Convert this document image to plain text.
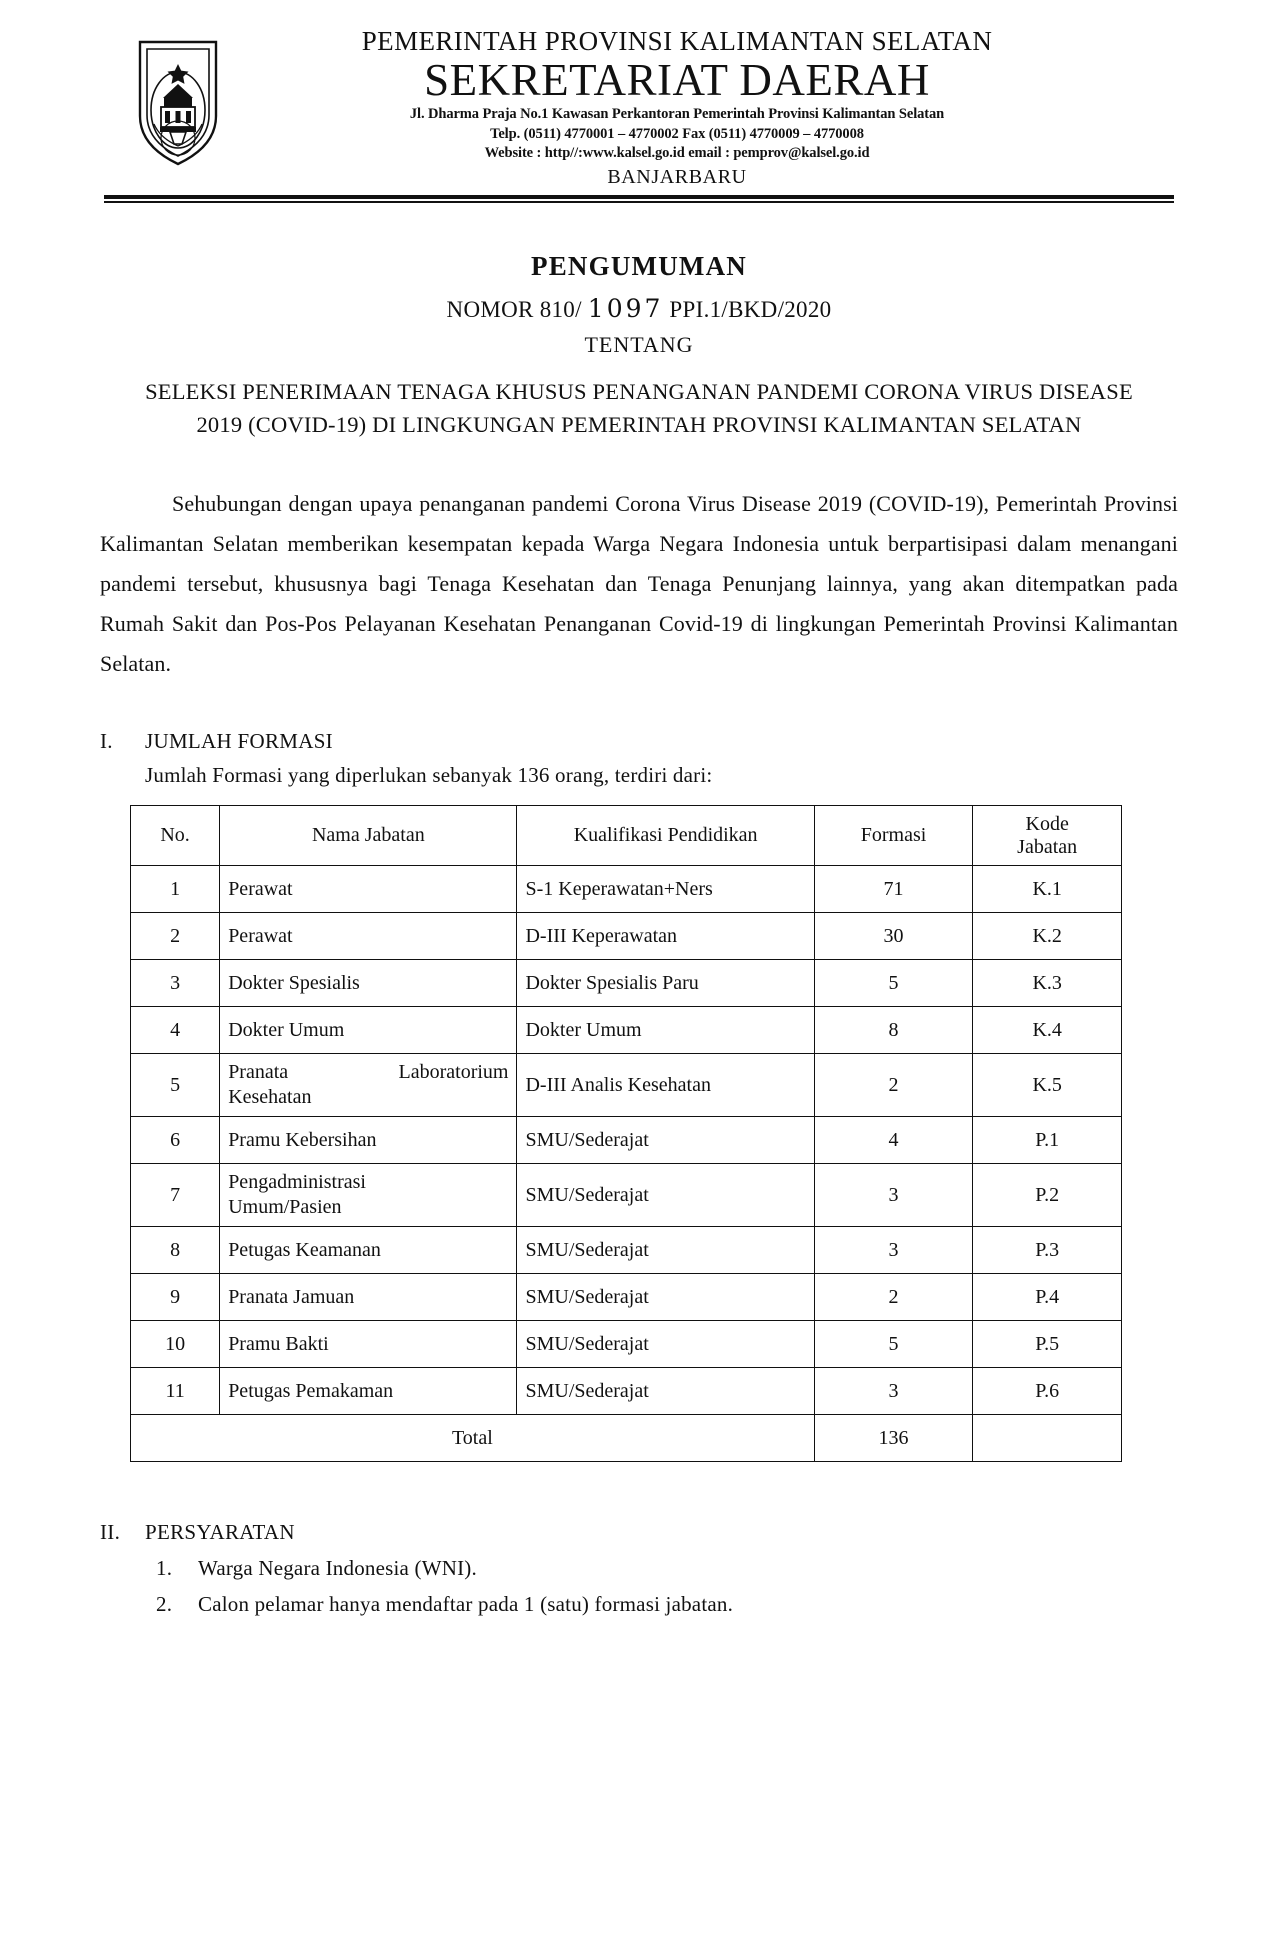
PEMERINTAH PROVINSI KALIMANTAN SELATAN
SEKRETARIAT DAERAH
Jl. Dharma Praja No.1 Kawasan Perkantoran Pemerintah Provinsi Kalimantan Selatan
Telp. (0511) 4770001 – 4770002 Fax (0511) 4770009 – 4770008
Website : http//:www.kalsel.go.id email : pemprov@kalsel.go.id
BANJARBARU
PENGUMUMAN
NOMOR 810/ 1097 PPI.1/BKD/2020
TENTANG
SELEKSI PENERIMAAN TENAGA KHUSUS PENANGANAN PANDEMI CORONA VIRUS DISEASE 2019 (COVID-19) DI LINGKUNGAN PEMERINTAH PROVINSI KALIMANTAN SELATAN
Sehubungan dengan upaya penanganan pandemi Corona Virus Disease 2019 (COVID-19), Pemerintah Provinsi Kalimantan Selatan memberikan kesempatan kepada Warga Negara Indonesia untuk berpartisipasi dalam menangani pandemi tersebut, khususnya bagi Tenaga Kesehatan dan Tenaga Penunjang lainnya, yang akan ditempatkan pada Rumah Sakit dan Pos-Pos Pelayanan Kesehatan Penanganan Covid-19 di lingkungan Pemerintah Provinsi Kalimantan Selatan.
I.	JUMLAH FORMASI
Jumlah Formasi yang diperlukan sebanyak 136 orang, terdiri dari:
No.	Nama Jabatan	Kualifikasi Pendidikan	Formasi	Kode
Jabatan

1	Perawat	S-1 Keperawatan+Ners	71	K.1
2	Perawat	D-III Keperawatan	30	K.2
3	Dokter Spesialis	Dokter Spesialis Paru	5	K.3
4	Dokter Umum	Dokter Umum	8	K.4
5	Pranata Laboratorium
Kesehatan	D-III Analis Kesehatan	2	K.5
6	Pramu Kebersihan	SMU/Sederajat	4	P.1
7	Pengadministrasi
Umum/Pasien	SMU/Sederajat	3	P.2
8	Petugas Keamanan	SMU/Sederajat	3	P.3
9	Pranata Jamuan	SMU/Sederajat	2	P.4
10	Pramu Bakti	SMU/Sederajat	5	P.5
11	Petugas Pemakaman	SMU/Sederajat	3	P.6
Total			136	
II.	PERSYARATAN
1.	Warga Negara Indonesia (WNI).
2.	Calon pelamar hanya mendaftar pada 1 (satu) formasi jabatan.
